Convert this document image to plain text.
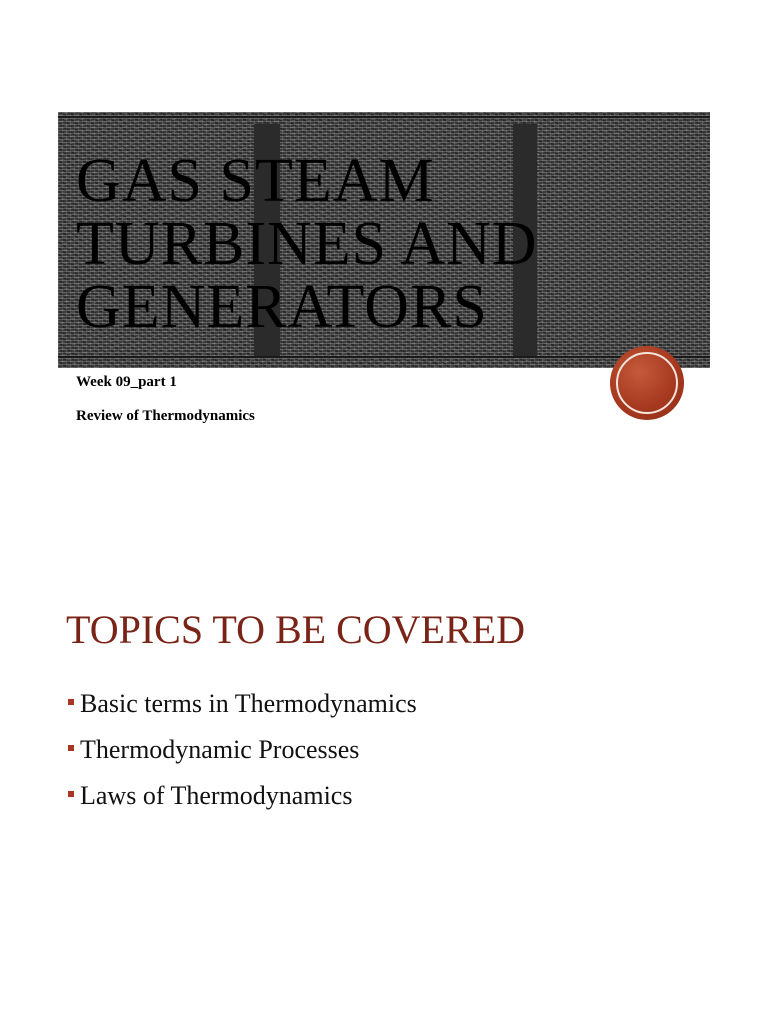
GAS STEAM TURBINES AND GENERATORS

Week 09_part 1

Review of Thermodynamics

TOPICS TO BE COVERED
Basic terms in Thermodynamics
Thermodynamic Processes
Laws of Thermodynamics
